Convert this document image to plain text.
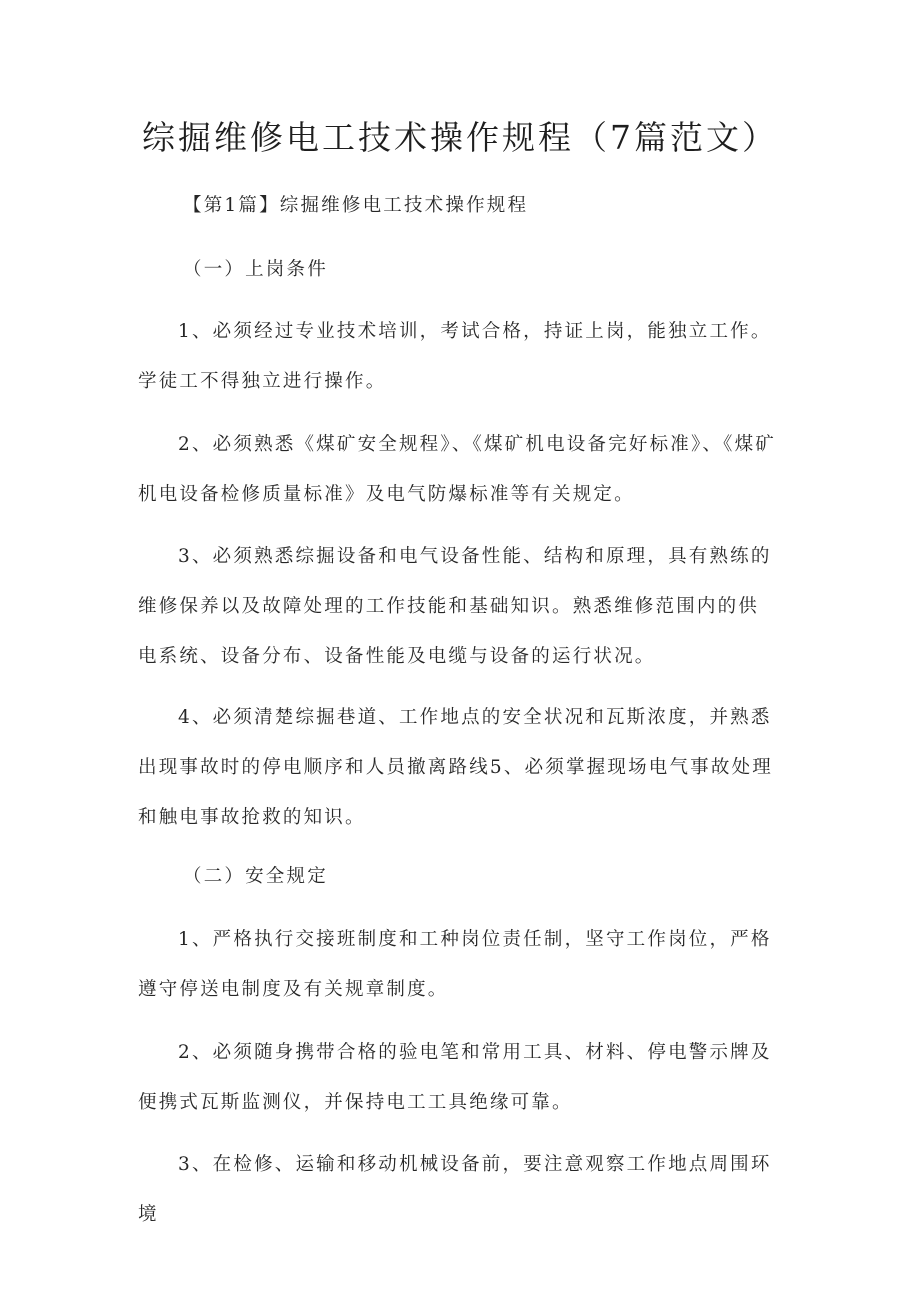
综掘维修电工技术操作规程（7篇范文）

【第1篇】综掘维修电工技术操作规程

（一）上岗条件

1、必须经过专业技术培训，考试合格，持证上岗，能独立工作。学徒工不得独立进行操作。

2、必须熟悉《煤矿安全规程》、《煤矿机电设备完好标准》、《煤矿机电设备检修质量标准》及电气防爆标准等有关规定。

3、必须熟悉综掘设备和电气设备性能、结构和原理，具有熟练的维修保养以及故障处理的工作技能和基础知识。熟悉维修范围内的供电系统、设备分布、设备性能及电缆与设备的运行状况。

4、必须清楚综掘巷道、工作地点的安全状况和瓦斯浓度，并熟悉出现事故时的停电顺序和人员撤离路线5、必须掌握现场电气事故处理和触电事故抢救的知识。

（二）安全规定

1、严格执行交接班制度和工种岗位责任制，坚守工作岗位，严格遵守停送电制度及有关规章制度。

2、必须随身携带合格的验电笔和常用工具、材料、停电警示牌及便携式瓦斯监测仪，并保持电工工具绝缘可靠。

3、在检修、运输和移动机械设备前，要注意观察工作地点周围环境
